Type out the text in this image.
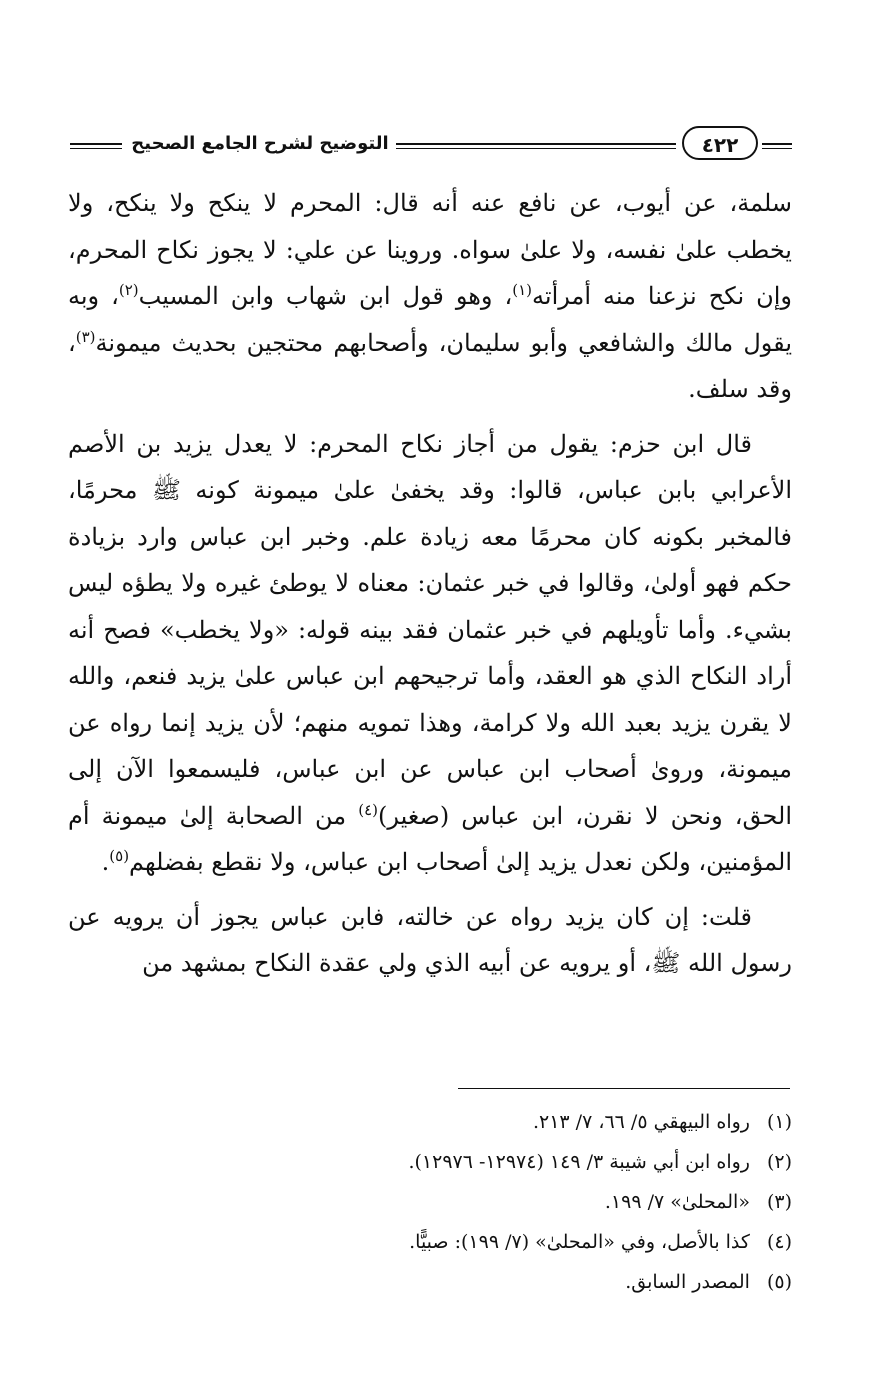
التوضيح لشرح الجامع الصحيح	٤٢٢

سلمة، عن أيوب، عن نافع عنه أنه قال: المحرم لا ينكح ولا ينكح، ولا يخطب علىٰ نفسه، ولا علىٰ سواه. وروينا عن علي: لا يجوز نكاح المحرم، وإن نكح نزعنا منه أمرأته$^{(١)}$، وهو قول ابن شهاب وابن المسيب$^{(٢)}$، وبه يقول مالك والشافعي وأبو سليمان، وأصحابهم محتجين بحديث ميمونة$^{(٣)}$، وقد سلف.

قال ابن حزم: يقول من أجاز نكاح المحرم: لا يعدل يزيد بن الأصم الأعرابي بابن عباس، قالوا: وقد يخفىٰ علىٰ ميمونة كونه ﷺ محرمًا، فالمخبر بكونه كان محرمًا معه زيادة علم. وخبر ابن عباس وارد بزيادة حكم فهو أولىٰ، وقالوا في خبر عثمان: معناه لا يوطئ غيره ولا يطؤه ليس بشيء. وأما تأويلهم في خبر عثمان فقد بينه قوله: «ولا يخطب» فصح أنه أراد النكاح الذي هو العقد، وأما ترجيحهم ابن عباس علىٰ يزيد فنعم، والله لا يقرن يزيد بعبد الله ولا كرامة، وهذا تمويه منهم؛ لأن يزيد إنما رواه عن ميمونة، وروىٰ أصحاب ابن عباس عن ابن عباس، فليسمعوا الآن إلى الحق، ونحن لا نقرن، ابن عباس (صغير)$^{(٤)}$ من الصحابة إلىٰ ميمونة أم المؤمنين، ولكن نعدل يزيد إلىٰ أصحاب ابن عباس، ولا نقطع بفضلهم$^{(٥)}$.

قلت: إن كان يزيد رواه عن خالته، فابن عباس يجوز أن يرويه عن رسول الله ﷺ، أو يرويه عن أبيه الذي ولي عقدة النكاح بمشهد من

(١) رواه البيهقي ٥/ ٦٦، ٧/ ٢١٣.
(٢) رواه ابن أبي شيبة ٣/ ١٤٩ (١٢٩٧٤- ١٢٩٧٦).
(٣) «المحلىٰ» ٧/ ١٩٩.
(٤) كذا بالأصل، وفي «المحلىٰ» (٧/ ١٩٩): صبيًّا.
(٥) المصدر السابق.
